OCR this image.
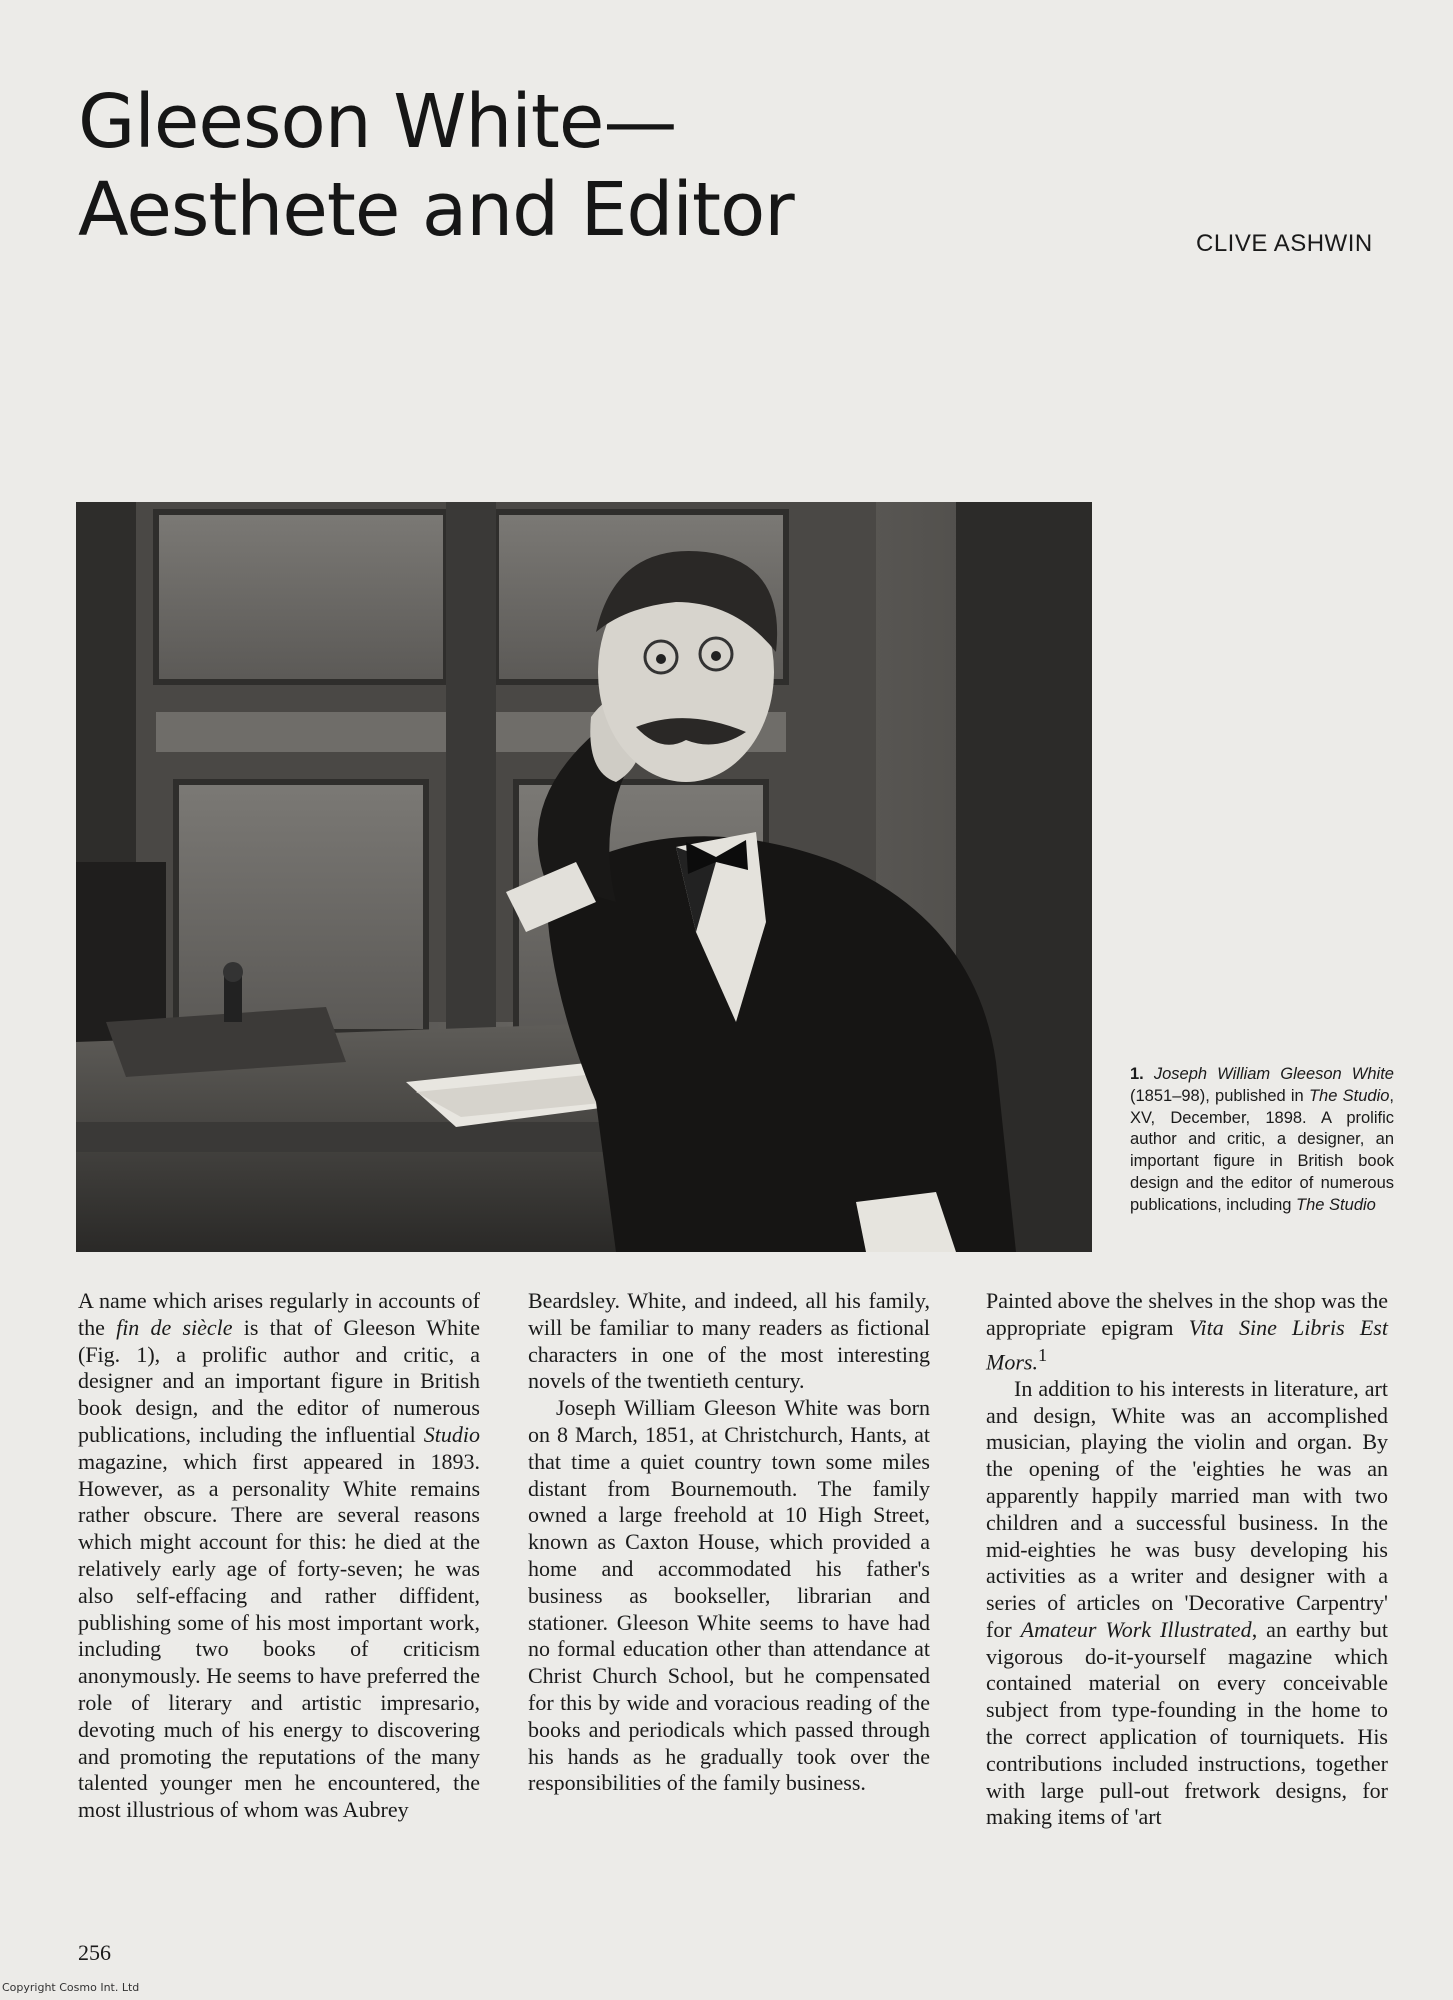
Gleeson White—
Aesthete and Editor	CLIVE ASHWIN
1. Joseph William Gleeson White (1851–98), published in The Studio, XV, December, 1898. A prolific author and critic, a designer, an important figure in British book design and the editor of numerous publications, including The Studio

A name which arises regularly in accounts of the fin de siècle is that of Gleeson White (Fig. 1), a prolific author and critic, a designer and an important figure in British book design, and the editor of numerous publications, including the influential Studio magazine, which first appeared in 1893. However, as a personality White remains rather obscure. There are several reasons which might account for this: he died at the relatively early age of forty-seven; he was also self-effacing and rather diffident, publishing some of his most important work, including two books of criticism anonymously. He seems to have preferred the role of literary and artistic impresario, devoting much of his energy to discovering and promoting the reputations of the many talented younger men he encountered, the most illustrious of whom was Aubrey

Beardsley. White, and indeed, all his family, will be familiar to many readers as fictional characters in one of the most interesting novels of the twentieth century.

Joseph William Gleeson White was born on 8 March, 1851, at Christchurch, Hants, at that time a quiet country town some miles distant from Bournemouth. The family owned a large freehold at 10 High Street, known as Caxton House, which provided a home and accommodated his father's business as bookseller, librarian and stationer. Gleeson White seems to have had no formal education other than attendance at Christ Church School, but he compensated for this by wide and voracious reading of the books and periodicals which passed through his hands as he gradually took over the responsibilities of the family business.

Painted above the shelves in the shop was the appropriate epigram Vita Sine Libris Est Mors.$^1$

In addition to his interests in literature, art and design, White was an accomplished musician, playing the violin and organ. By the opening of the 'eighties he was an apparently happily married man with two children and a successful business. In the mid-eighties he was busy developing his activities as a writer and designer with a series of articles on 'Decorative Carpentry' for Amateur Work Illustrated, an earthy but vigorous do-it-yourself magazine which contained material on every conceivable subject from type-founding in the home to the correct application of tourniquets. His contributions included instructions, together with large pull-out fretwork designs, for making items of 'art

256
Copyright Cosmo Int. Ltd
